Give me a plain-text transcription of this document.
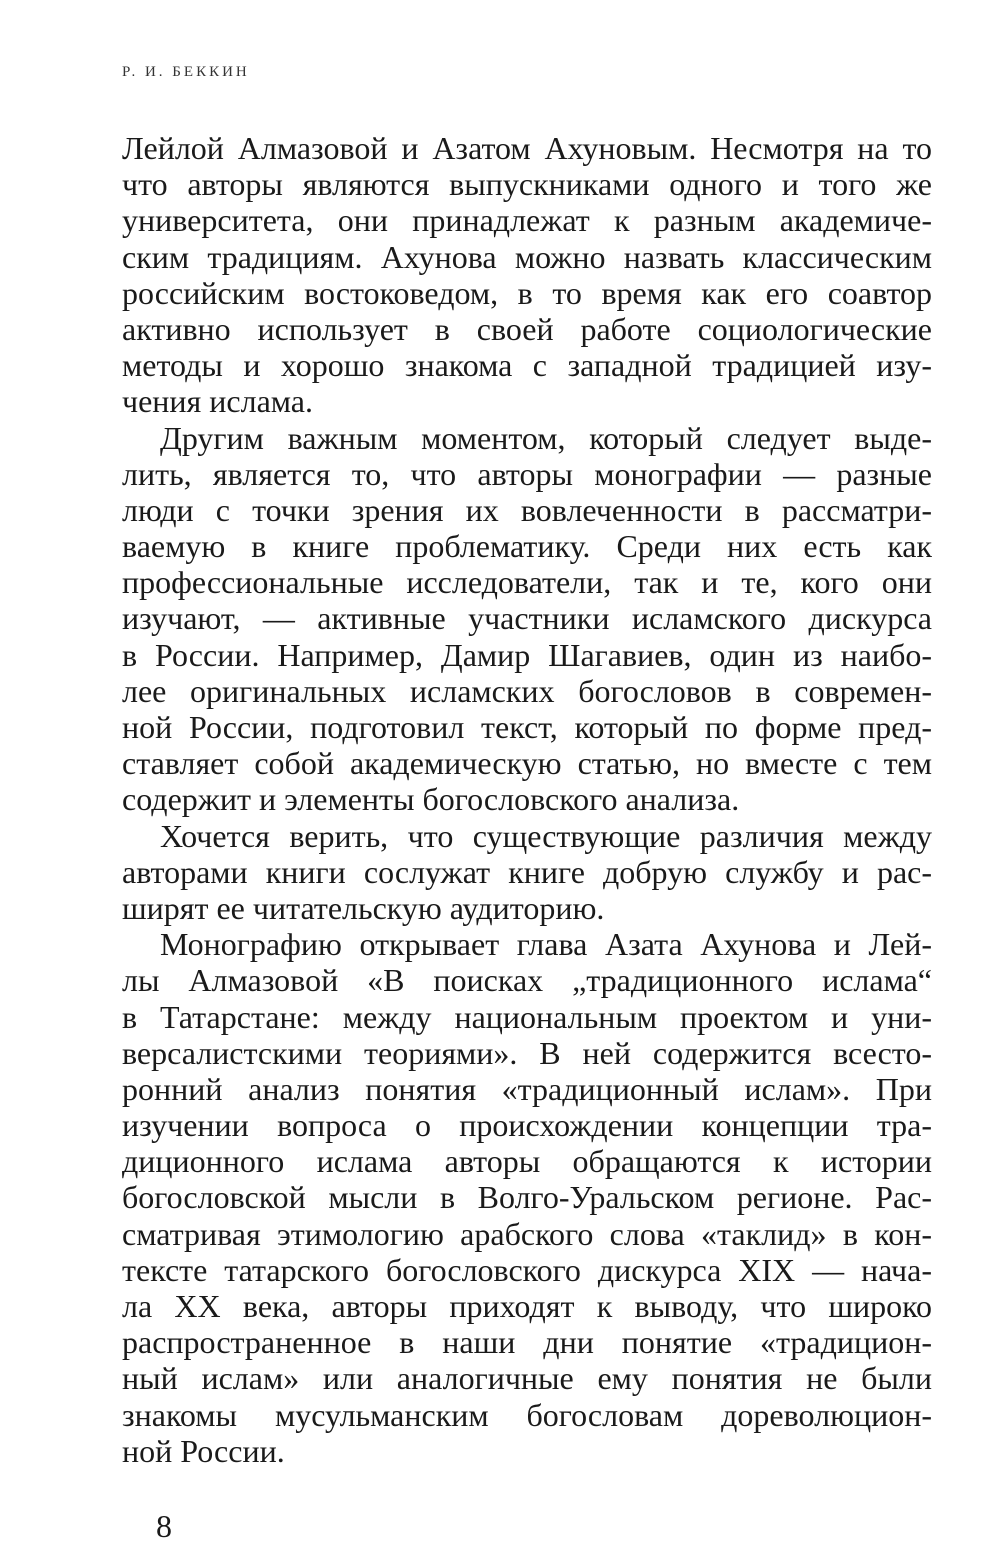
Р. И. БЕККИН
Лейлой Алмазовой и Азатом Ахуновым. Несмотря на то
что авторы являются выпускниками одного и того же
университета, они принадлежат к разным академиче-
ским традициям. Ахунова можно назвать классическим
российским востоковедом, в то время как его соавтор
активно использует в своей работе социологические
методы и хорошо знакома с западной традицией изу-
чения ислама.
Другим важным моментом, который следует выде-
лить, является то, что авторы монографии — разные
люди с точки зрения их вовлеченности в рассматри-
ваемую в книге проблематику. Среди них есть как
профессиональные исследователи, так и те, кого они
изучают, — активные участники исламского дискурса
в России. Например, Дамир Шагавиев, один из наибо-
лее оригинальных исламских богословов в современ-
ной России, подготовил текст, который по форме пред-
ставляет собой академическую статью, но вместе с тем
содержит и элементы богословского анализа.
Хочется верить, что существующие различия между
авторами книги сослужат книге добрую службу и рас-
ширят ее читательскую аудиторию.
Монографию открывает глава Азата Ахунова и Лей-
лы Алмазовой «В поисках „традиционного ислама“
в Татарстане: между национальным проектом и уни-
версалистскими теориями». В ней содержится всесто-
ронний анализ понятия «традиционный ислам». При
изучении вопроса о происхождении концепции тра-
диционного ислама авторы обращаются к истории
богословской мысли в Волго-Уральском регионе. Рас-
сматривая этимологию арабского слова «таклид» в кон-
тексте татарского богословского дискурса XIX — нача-
ла XX века, авторы приходят к выводу, что широко
распространенное в наши дни понятие «традицион-
ный ислам» или аналогичные ему понятия не были
знакомы мусульманским богословам дореволюцион-
ной России.
8
